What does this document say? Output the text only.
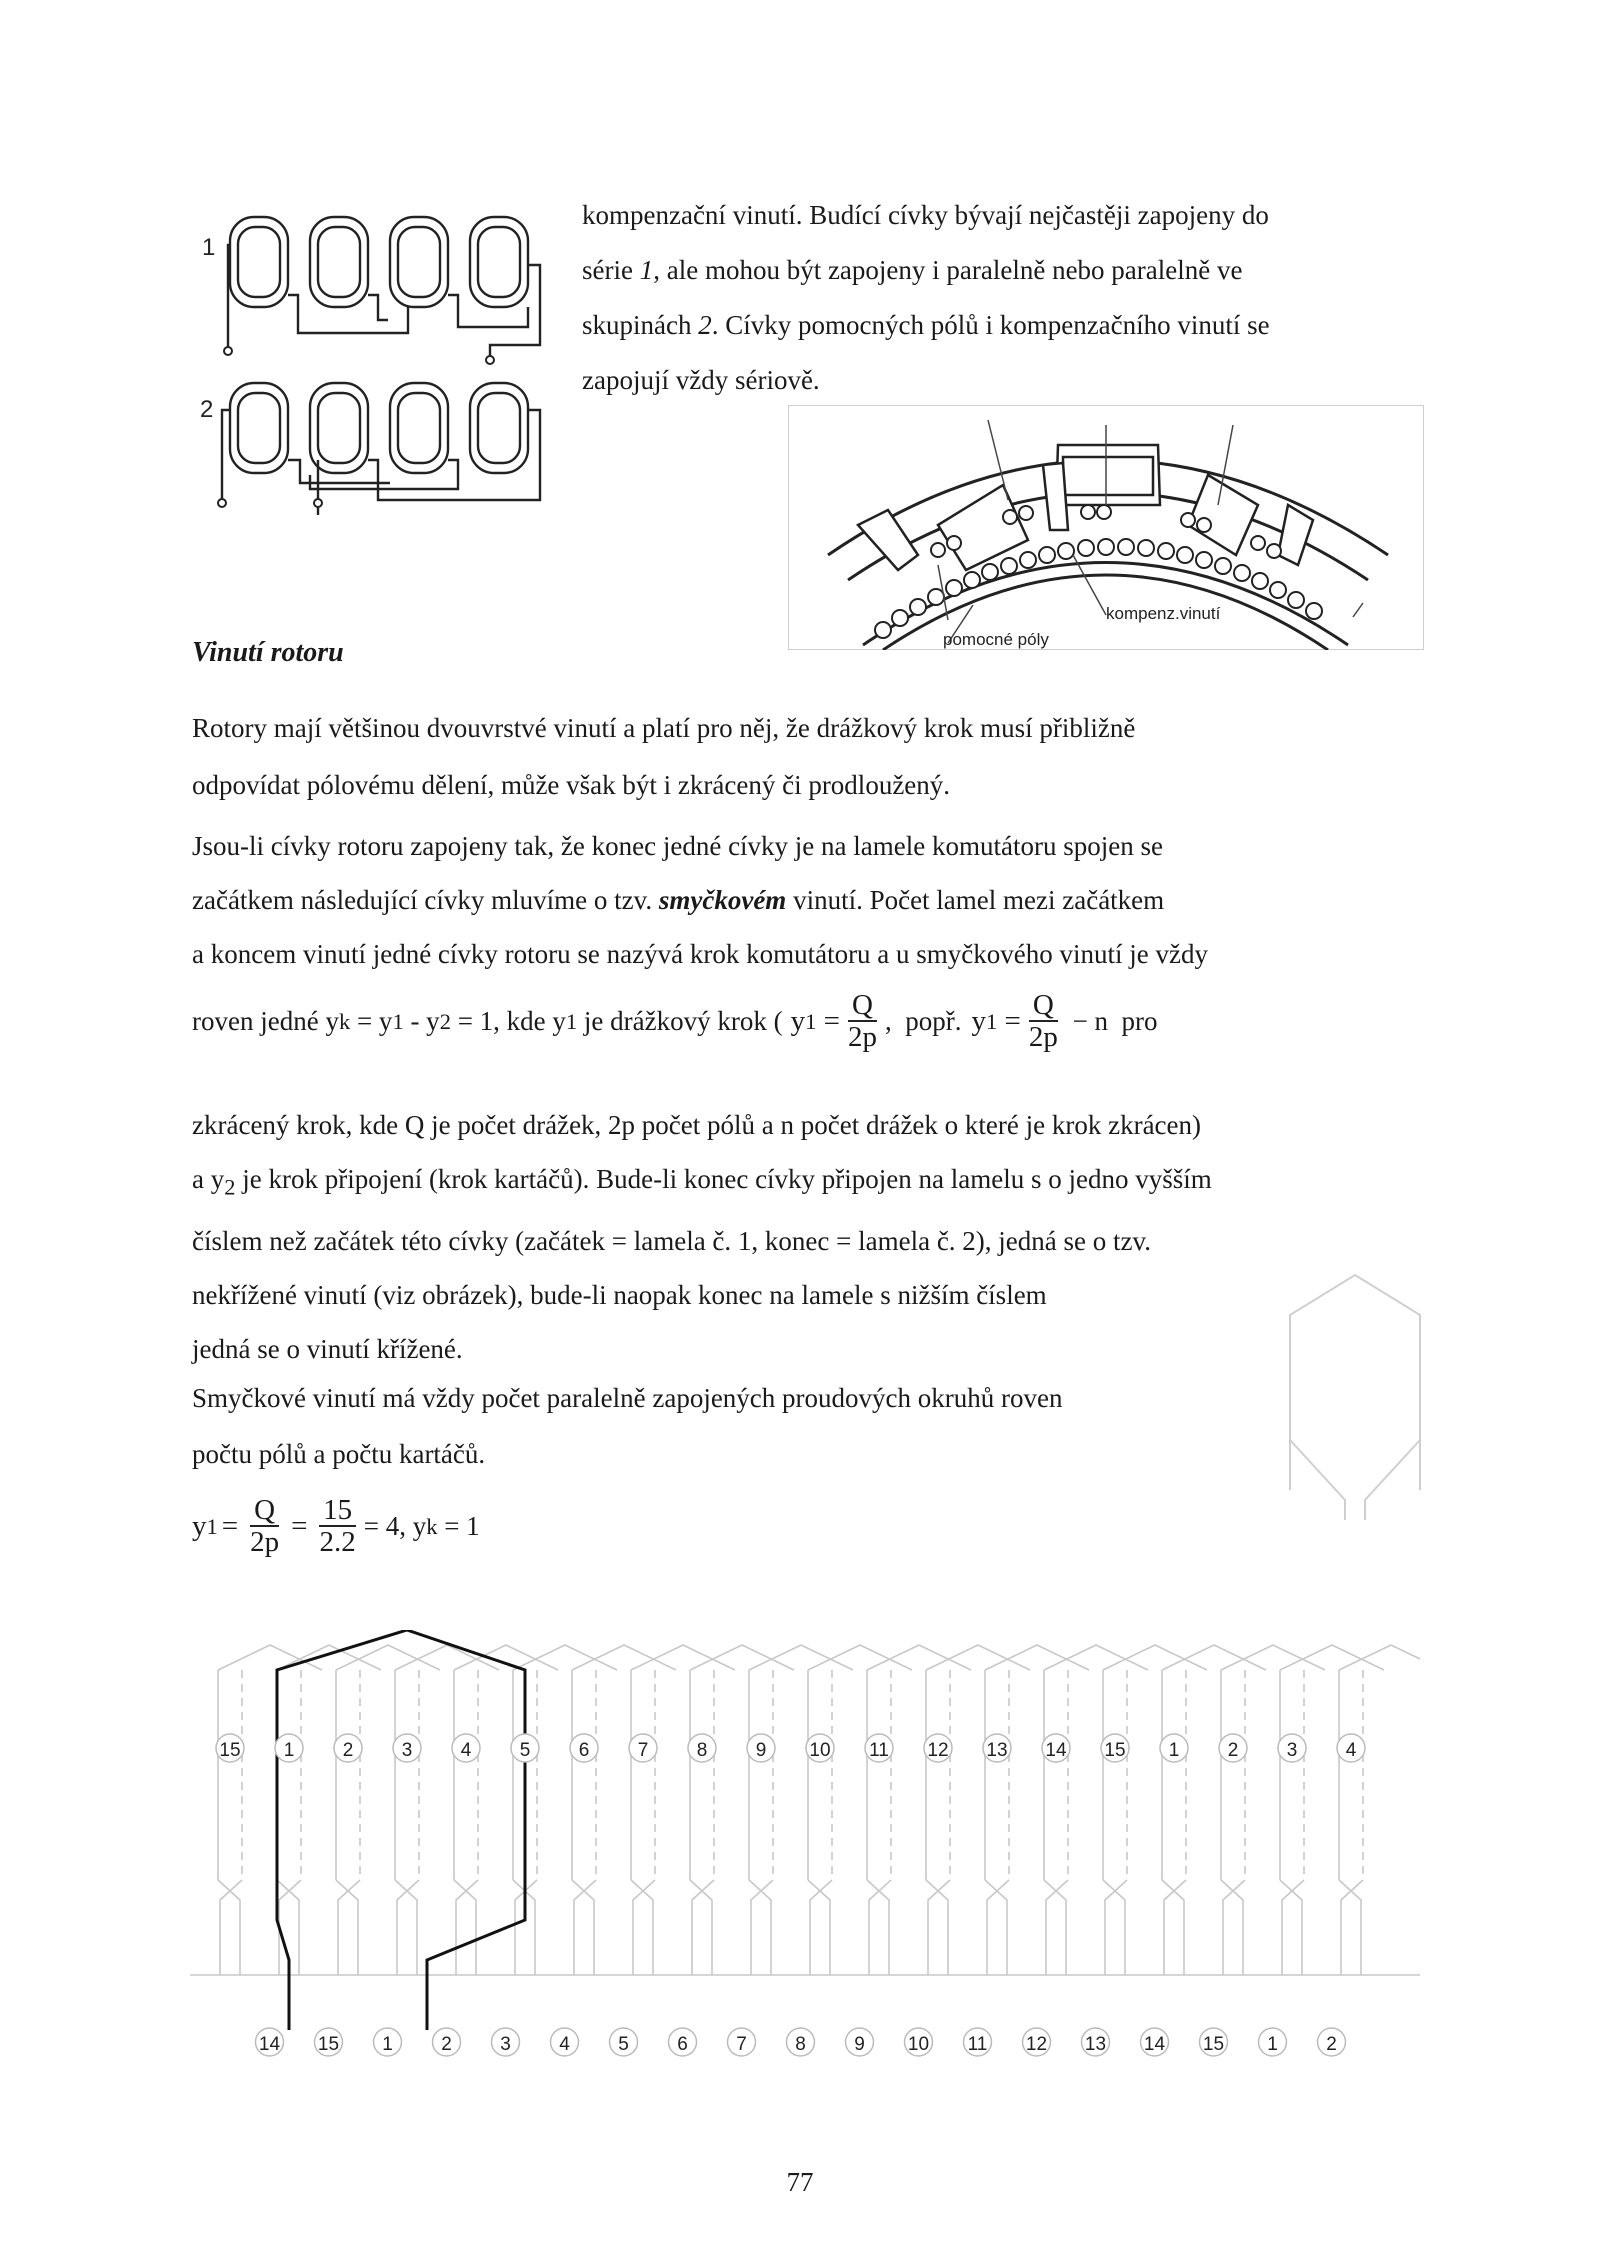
1
2
kompenzační vinutí. Budící cívky bývají nejčastěji zapojeny do
série 1, ale mohou být zapojeny i paralelně nebo paralelně ve
skupinách 2. Cívky pomocných pólů i kompenzačního vinutí se
zapojují vždy sériově.
pomocné póly
kompenz.vinutí
Vinutí rotoru
Rotory mají většinou dvouvrstvé vinutí a platí pro něj, že drážkový krok musí přibližně
odpovídat pólovému dělení, může však být i zkrácený či prodloužený.
Jsou-li cívky rotoru zapojeny tak, že konec jedné cívky je na lamele komutátoru spojen se
začátkem následující cívky mluvíme o tzv. smyčkovém vinutí. Počet lamel mezi začátkem
a koncem vinutí jedné cívky rotoru se nazývá krok komutátoru a u smyčkového vinutí je vždy
roven jedné y k = y 1 - y 2 = 1, kde y 1 je drážkový krok ( y $1 = \frac{Q}{2p}$ ,  popř. y $1 = \frac{Q}{2p} - n$  pro
zkrácený krok, kde Q je počet drážek, 2p počet pólů a n počet drážek o které je krok zkrácen)
a $y_2$ je krok připojení (krok kartáčů). Bude-li konec cívky připojen na lamelu s o jedno vyšším
číslem než začátek této cívky (začátek = lamela č. 1, konec = lamela č. 2), jedná se o tzv.
nekřížené vinutí (viz obrázek), bude-li naopak konec na lamele s nižším číslem
jedná se o vinutí křížené.
Smyčkové vinutí má vždy počet paralelně zapojených proudových okruhů roven
počtu pólů a počtu kartáčů.
y $1 = \frac{Q}{2p} = \frac{15}{2.2} = 4$, y k = 1
15 1	2	3	4	5	6	7	8	9 10 11 12 13 14 15 1	2	3	4
14 15 1	2	3	4	5	6	7	8	9 10 11 12 13 14 15 1	2
77
